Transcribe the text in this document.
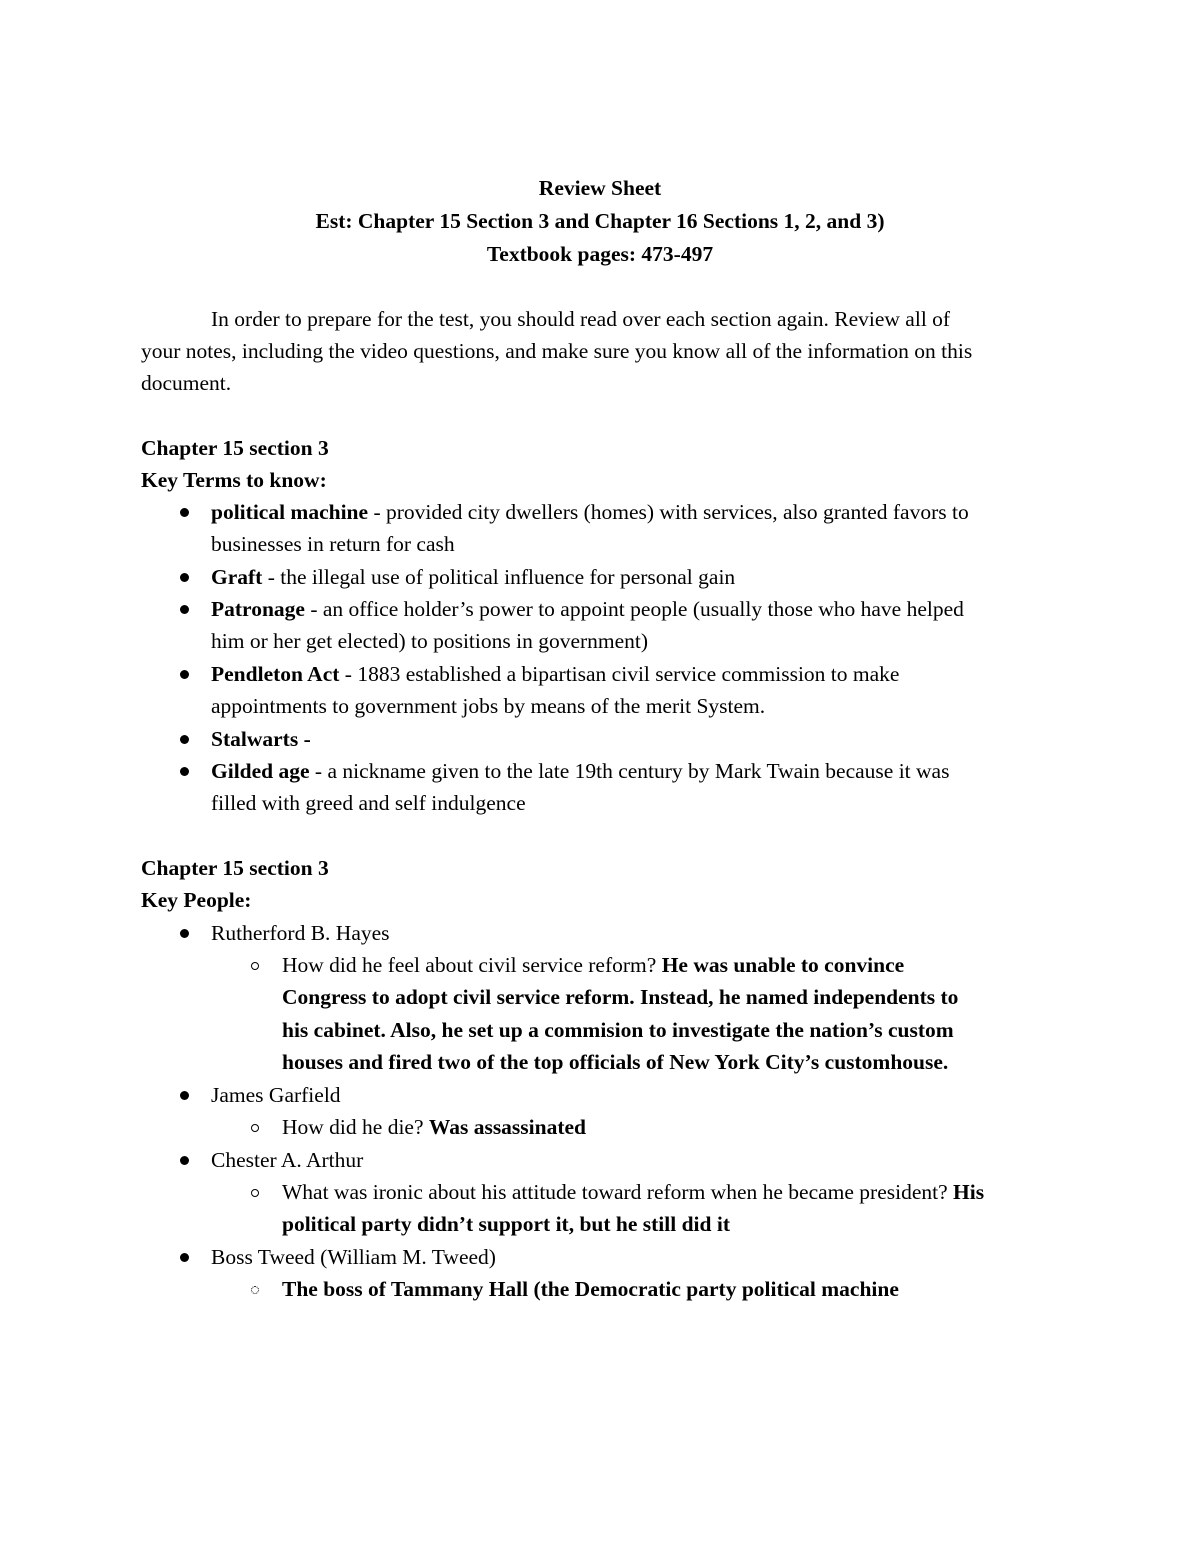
Review Sheet
Est: Chapter 15 Section 3 and Chapter 16 Sections 1, 2, and 3)
Textbook pages: 473-497
In order to prepare for the test, you should read over each section again. Review all of
your notes, including the video questions, and make sure you know all of the information on this
document.
Chapter 15 section 3
Key Terms to know:
political machine - provided city dwellers (homes) with services, also granted favors to
businesses in return for cash
Graft - the illegal use of political influence for personal gain
Patronage - an office holder’s power to appoint people (usually those who have helped
him or her get elected) to positions in government)
Pendleton Act - 1883 established a bipartisan civil service commission to make
appointments to government jobs by means of the merit System.
Stalwarts -
Gilded age - a nickname given to the late 19th century by Mark Twain because it was
filled with greed and self indulgence
Chapter 15 section 3
Key People:
Rutherford B. Hayes
How did he feel about civil service reform? He was unable to convince
Congress to adopt civil service reform. Instead, he named independents to
his cabinet. Also, he set up a commision to investigate the nation’s custom
houses and fired two of the top officials of New York City’s customhouse.
James Garfield
How did he die? Was assassinated
Chester A. Arthur
What was ironic about his attitude toward reform when he became president? His
political party didn’t support it, but he still did it
Boss Tweed (William M. Tweed)
The boss of Tammany Hall (the Democratic party political machine
